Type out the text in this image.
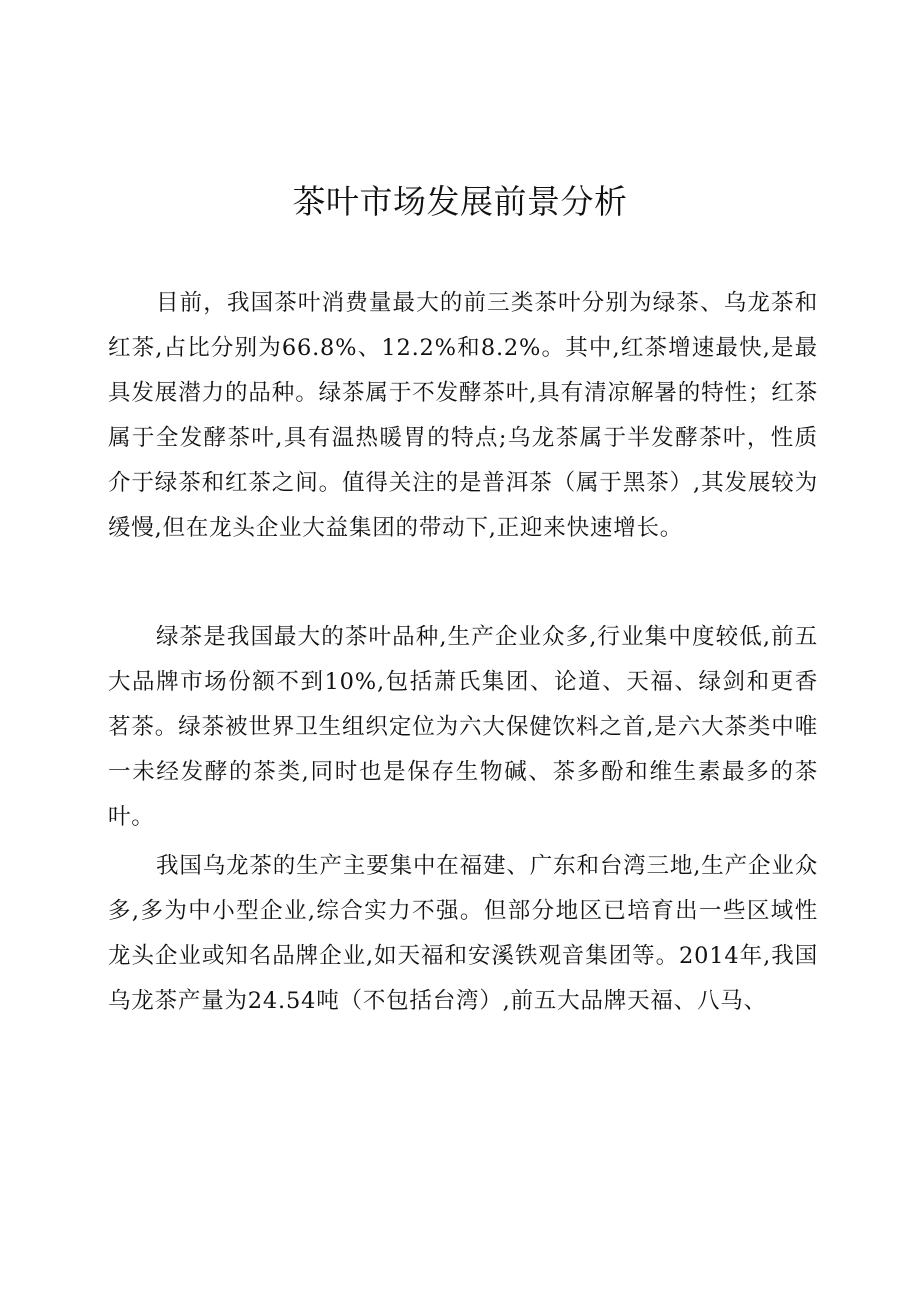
茶叶市场发展前景分析

目前，我国茶叶消费量最大的前三类茶叶分别为绿茶、乌龙茶和红茶,占比分别为66.8%、12.2%和8.2%。其中,红茶增速最快,是最具发展潜力的品种。绿茶属于不发酵茶叶,具有清凉解暑的特性；红茶属于全发酵茶叶,具有温热暖胃的特点;乌龙茶属于半发酵茶叶，性质介于绿茶和红茶之间。值得关注的是普洱茶（属于黑茶）,其发展较为缓慢,但在龙头企业大益集团的带动下,正迎来快速增长。

绿茶是我国最大的茶叶品种,生产企业众多,行业集中度较低,前五大品牌市场份额不到10%,包括萧氏集团、论道、天福、绿剑和更香茗茶。绿茶被世界卫生组织定位为六大保健饮料之首,是六大茶类中唯一未经发酵的茶类,同时也是保存生物碱、茶多酚和维生素最多的茶叶。

我国乌龙茶的生产主要集中在福建、广东和台湾三地,生产企业众多,多为中小型企业,综合实力不强。但部分地区已培育出一些区域性龙头企业或知名品牌企业,如天福和安溪铁观音集团等。2014年,我国乌龙茶产量为24.54吨（不包括台湾）,前五大品牌天福、八马、
